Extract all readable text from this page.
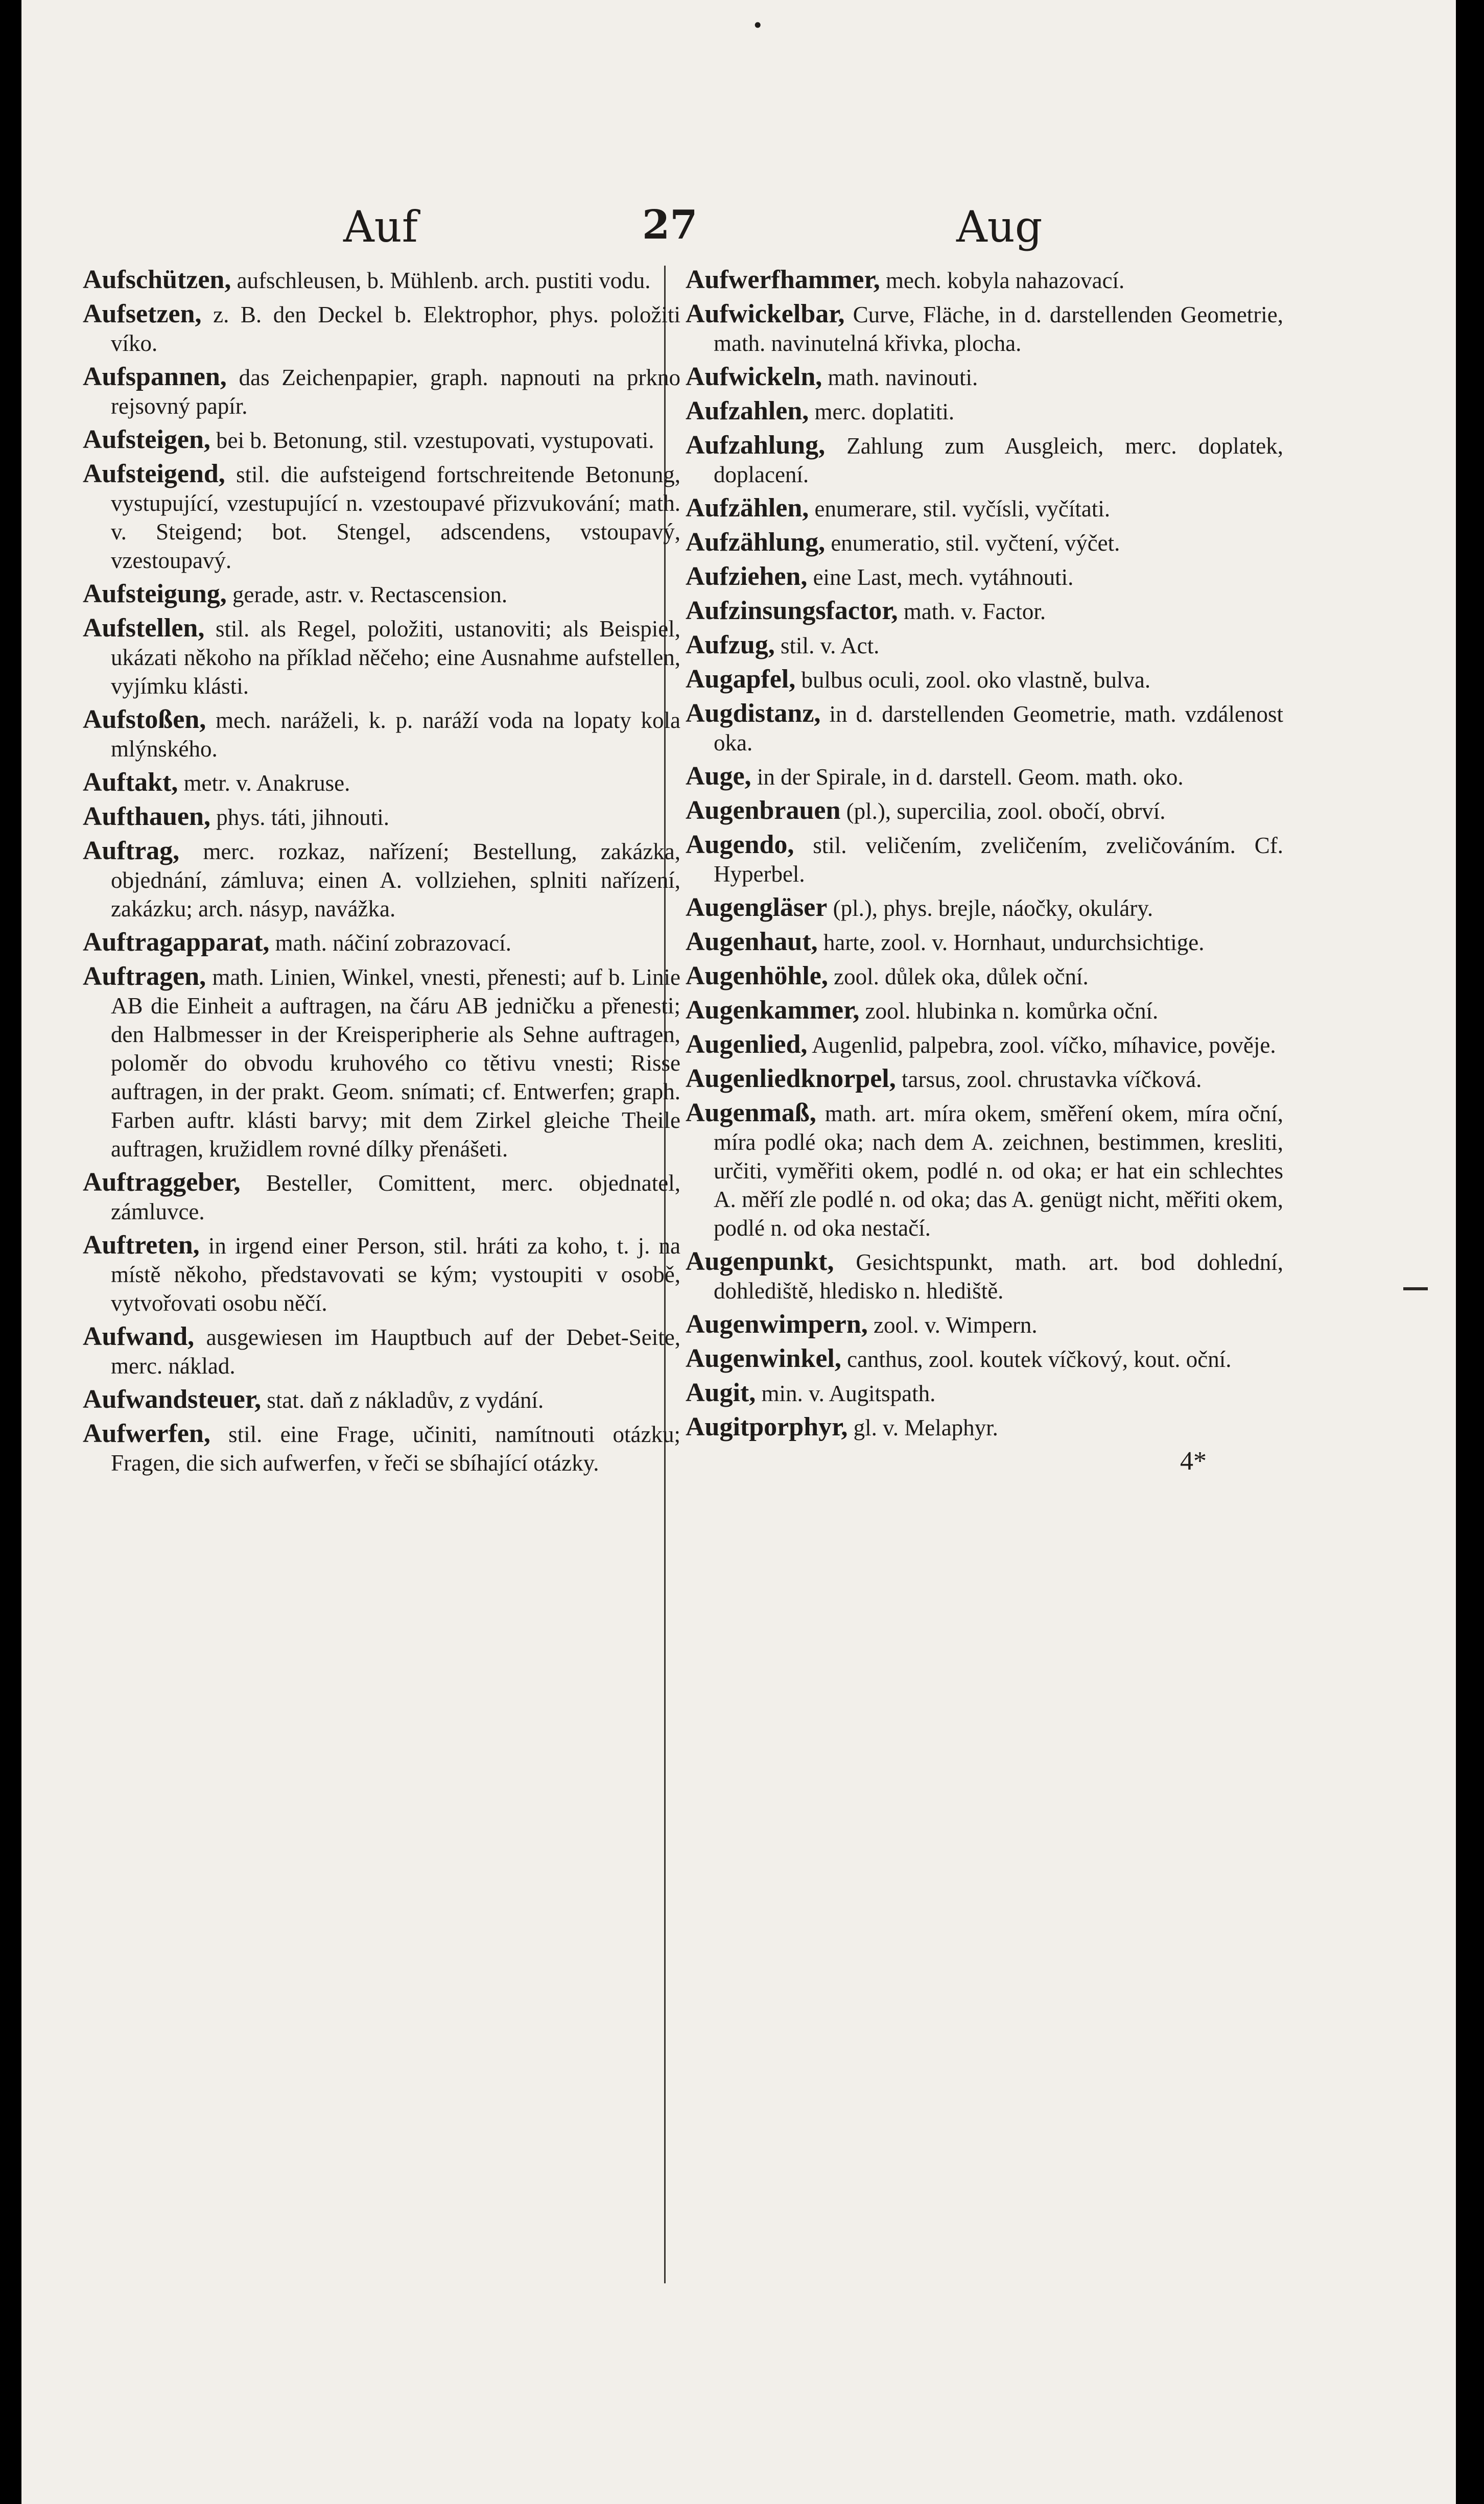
•
Auf	27	Aug

Aufschützen, aufschleusen, b. Mühlenb. arch. pustiti vodu.

Aufsetzen, z. B. den Deckel b. Elektrophor, phys. položiti víko.

Aufspannen, das Zeichenpapier, graph. napnouti na prkno rejsovný papír.

Aufsteigen, bei b. Betonung, stil. vzestupovati, vystupovati.

Aufsteigend, stil. die aufsteigend fortschreitende Betonung, vystupující, vzestupující n. vzestoupavé přizvukování; math. v. Steigend; bot. Stengel, adscendens, vstoupavý, vzestoupavý.

Aufsteigung, gerade, astr. v. Rectascension.

Aufstellen, stil. als Regel, položiti, ustanoviti; als Beispiel, ukázati někoho na příklad něčeho; eine Ausnahme aufstellen, vyjímku klásti.

Aufstoßen, mech. naráželi, k. p. naráží voda na lopaty kola mlýnského.

Auftakt, metr. v. Anakruse.

Aufthauen, phys. táti, jihnouti.

Auftrag, merc. rozkaz, nařízení; Bestellung, zakázka, objednání, zámluva; einen A. vollziehen, splniti nařízení, zakázku; arch. násyp, navážka.

Auftragapparat, math. náčiní zobrazovací.

Auftragen, math. Linien, Winkel, vnesti, přenesti; auf b. Linie AB die Einheit a auftragen, na čáru AB jedničku a přenesti; den Halbmesser in der Kreisperipherie als Sehne auftragen, poloměr do obvodu kruhového co tětivu vnesti; Risse auftragen, in der prakt. Geom. snímati; cf. Entwerfen; graph. Farben auftr. klásti barvy; mit dem Zirkel gleiche Theile auftragen, kružidlem rovné dílky přenášeti.

Auftraggeber, Besteller, Comittent, merc. objednatel, zámluvce.

Auftreten, in irgend einer Person, stil. hráti za koho, t. j. na místě někoho, představovati se kým; vystoupiti v osobě, vytvořovati osobu něčí.

Aufwand, ausgewiesen im Hauptbuch auf der Debet-Seite, merc. náklad.

Aufwandsteuer, stat. daň z nákladův, z vydání.

Aufwerfen, stil. eine Frage, učiniti, namítnouti otázku; Fragen, die sich aufwerfen, v řeči se sbíhající otázky.

Aufwerfhammer, mech. kobyla nahazovací.

Aufwickelbar, Curve, Fläche, in d. darstellenden Geometrie, math. navinutelná křivka, plocha.

Aufwickeln, math. navinouti.

Aufzahlen, merc. doplatiti.

Aufzahlung, Zahlung zum Ausgleich, merc. doplatek, doplacení.

Aufzählen, enumerare, stil. vyčísli, vyčítati.

Aufzählung, enumeratio, stil. vyčtení, výčet.

Aufziehen, eine Last, mech. vytáhnouti.

Aufzinsungsfactor, math. v. Factor.

Aufzug, stil. v. Act.

Augapfel, bulbus oculi, zool. oko vlastně, bulva.

Augdistanz, in d. darstellenden Geometrie, math. vzdálenost oka.

Auge, in der Spirale, in d. darstell. Geom. math. oko.

Augenbrauen (pl.), supercilia, zool. obočí, obrví.

Augendo, stil. veličením, zveličením, zveličováním. Cf. Hyperbel.

Augengläser (pl.), phys. brejle, náočky, okuláry.

Augenhaut, harte, zool. v. Hornhaut, undurchsichtige.

Augenhöhle, zool. důlek oka, důlek oční.

Augenkammer, zool. hlubinka n. komůrka oční.

Augenlied, Augenlid, palpebra, zool. víčko, míhavice, povějе.

Augenliedknorpel, tarsus, zool. chrustavka víčková.

Augenmaß, math. art. míra okem, směření okem, míra oční, míra podlé oka; nach dem A. zeichnen, bestimmen, kresliti, určiti, vyměřiti okem, podlé n. od oka; er hat ein schlechtes A. měří zle podlé n. od oka; das A. genügt nicht, měřiti okem, podlé n. od oka nestačí.

Augenpunkt, Gesichtspunkt, math. art. bod dohlední, dohlediště, hledisko n. hlediště.

Augenwimpern, zool. v. Wimpern.

Augenwinkel, canthus, zool. koutek víčkový, kout. oční.

Augit, min. v. Augitspath.

Augitporphyr, gl. v. Melaphyr.

4*
